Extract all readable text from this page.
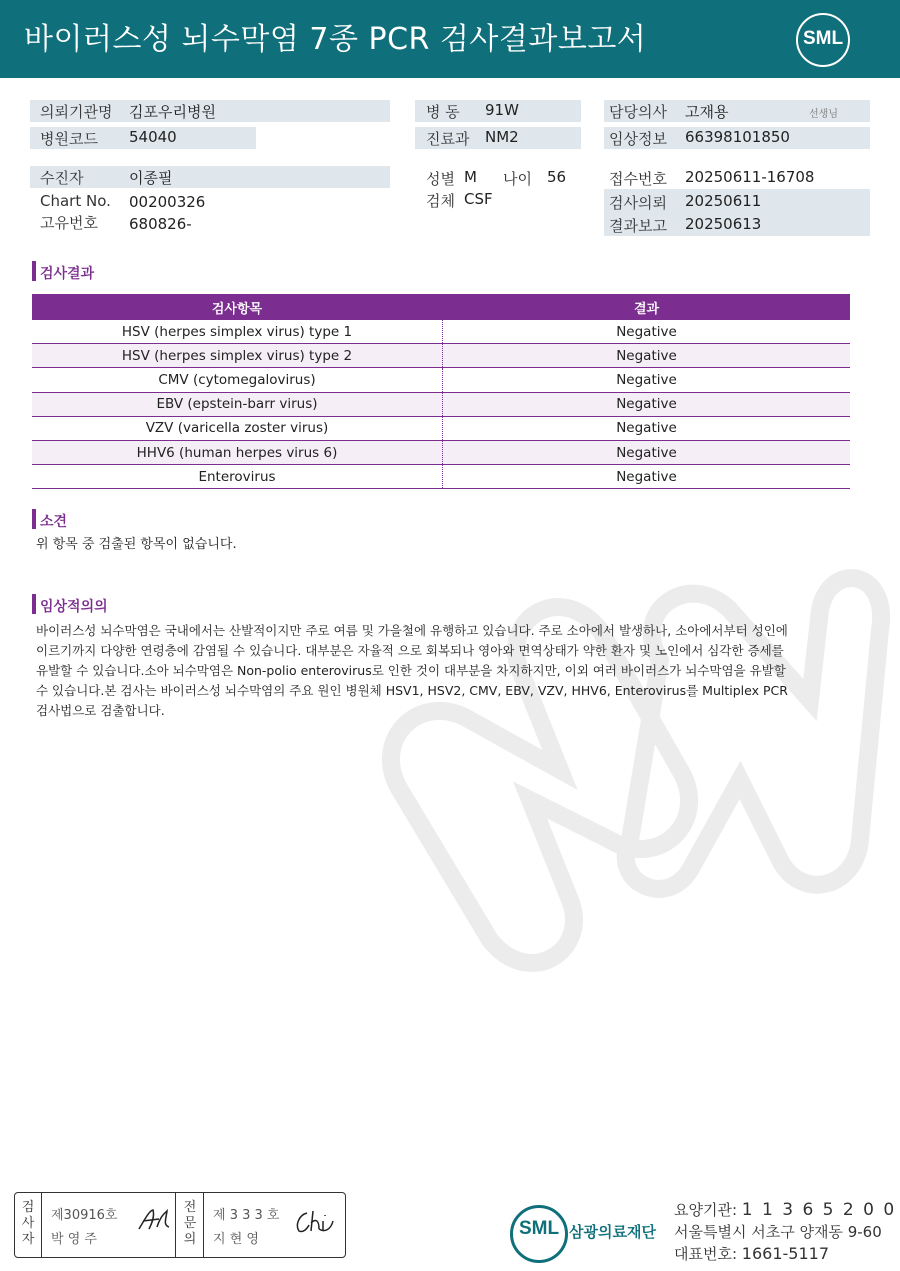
바이러스성 뇌수막염 7종 PCR 검사결과보고서	SML
의뢰기관명 김포우리병원
병원코드 54040
병 동 91W
진료과 NM2
담당의사 고재용	선생님
임상정보 66398101850
수진자	이종필
Chart No. 00200326
고유번호 680826-
성별 M 나이 56
검체 CSF
접수번호 20250611-16708
검사의뢰 20250611
결과보고 20250613
검사결과
검사항목	결과
HSV (herpes simplex virus) type 1	Negative
HSV (herpes simplex virus) type 2	Negative
CMV (cytomegalovirus)	Negative
EBV (epstein-barr virus)	Negative
VZV (varicella zoster virus)	Negative
HHV6 (human herpes virus 6)	Negative
Enterovirus	Negative
소견
위 항목 중 검출된 항목이 없습니다.
임상적의의
바이러스성 뇌수막염은 국내에서는 산발적이지만 주로 여름 및 가을철에 유행하고 있습니다. 주로 소아에서 발생하나, 소아에서부터 성인에
이르기까지 다양한 연령층에 감염될 수 있습니다. 대부분은 자율적 으로 회복되나 영아와 면역상태가 약한 환자 및 노인에서 심각한 증세를
유발할 수 있습니다.소아 뇌수막염은 Non-polio enterovirus로 인한 것이 대부분을 차지하지만, 이외 여러 바이러스가 뇌수막염을 유발할
수 있습니다.본 검사는 바이러스성 뇌수막염의 주요 원인 병원체 HSV1, HSV2, CMV, EBV, VZV, HHV6, Enterovirus를 Multiplex PCR
검사법으로 검출합니다.
검
사
자
제30916호
박 영 주
전
문
의
제 3 3 3 호
지 현 영
SML 삼광의료재단
요양기관: 1 1 3 6 5 2 0 0
서울특별시 서초구 양재동 9-60
대표번호: 1661-5117
